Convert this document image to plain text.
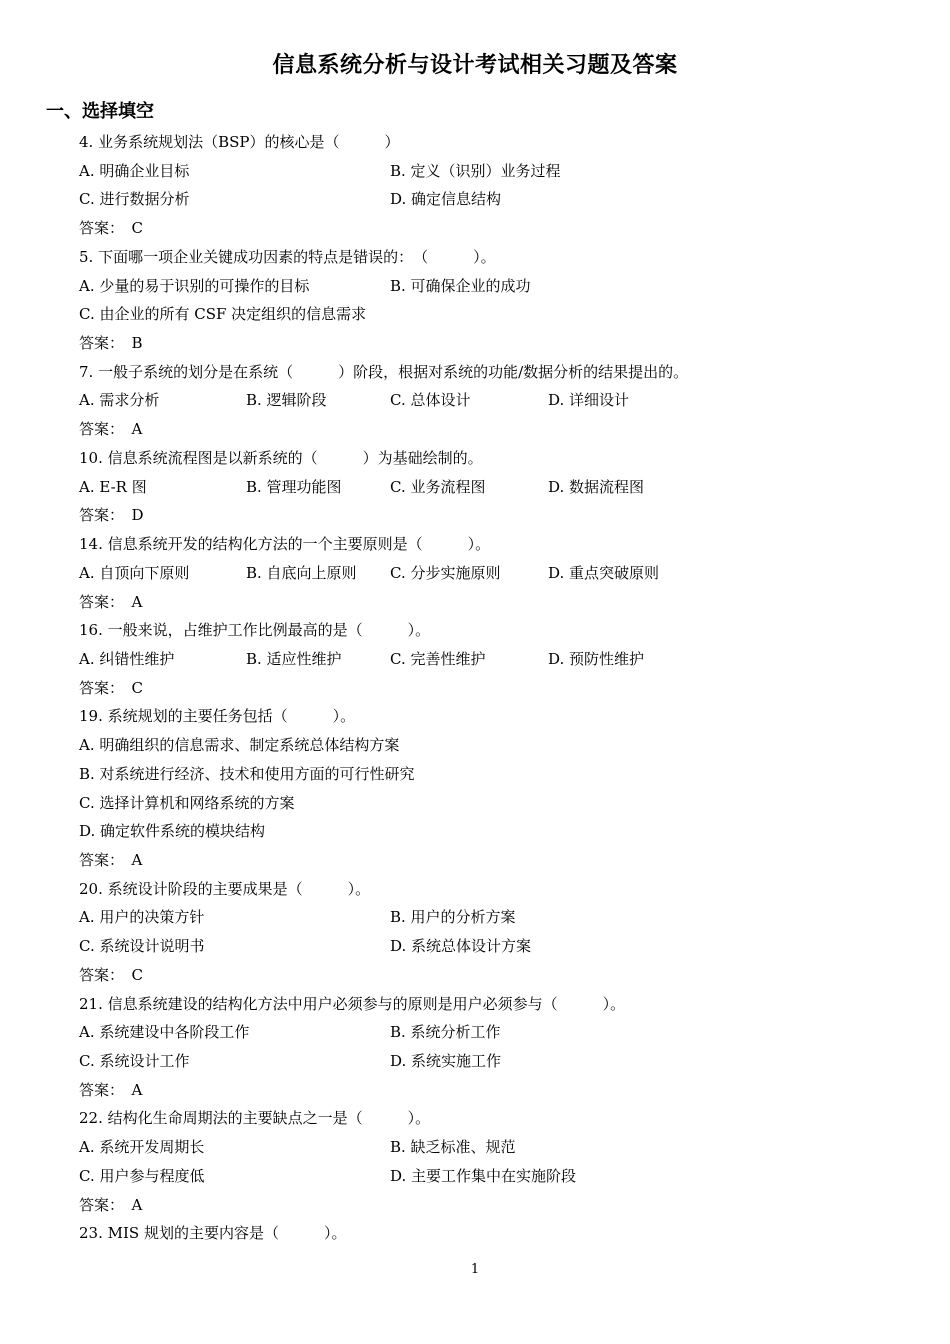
信息系统分析与设计考试相关习题及答案
一、选择填空
4. 业务系统规划法（BSP）的核心是（　　　）
A. 明确企业目标	B. 定义（识别）业务过程
C. 进行数据分析	D. 确定信息结构
答案：　C
5. 下面哪一项企业关键成功因素的特点是错误的：　（　　　）。
A. 少量的易于识别的可操作的目标	B. 可确保企业的成功
C. 由企业的所有 CSF 决定组织的信息需求
答案：　B
7. 一般子系统的划分是在系统（　　　）阶段，根据对系统的功能/数据分析的结果提出的。
A. 需求分析	B. 逻辑阶段	C. 总体设计	D. 详细设计
答案：　A
10. 信息系统流程图是以新系统的（　　　）为基础绘制的。
A. E-R 图	B. 管理功能图	C. 业务流程图	D. 数据流程图
答案：　D
14. 信息系统开发的结构化方法的一个主要原则是（　　　）。
A. 自顶向下原则	B. 自底向上原则 C. 分步实施原则	D. 重点突破原则
答案：　A
16. 一般来说，占维护工作比例最高的是（　　　）。
A. 纠错性维护	B. 适应性维护	C. 完善性维护	D. 预防性维护
答案：　C
19. 系统规划的主要任务包括（　　　）。
A. 明确组织的信息需求、制定系统总体结构方案
B. 对系统进行经济、技术和使用方面的可行性研究
C. 选择计算机和网络系统的方案
D. 确定软件系统的模块结构
答案：　A
20. 系统设计阶段的主要成果是（　　　）。
A. 用户的决策方针	B. 用户的分析方案
C. 系统设计说明书	D. 系统总体设计方案
答案：　C
21. 信息系统建设的结构化方法中用户必须参与的原则是用户必须参与（　　　）。
A. 系统建设中各阶段工作	B. 系统分析工作
C. 系统设计工作	D. 系统实施工作
答案：　A
22. 结构化生命周期法的主要缺点之一是（　　　）。
A. 系统开发周期长	B. 缺乏标准、规范
C. 用户参与程度低	D. 主要工作集中在实施阶段
答案：　A
23. MIS 规划的主要内容是（　　　）。
1
